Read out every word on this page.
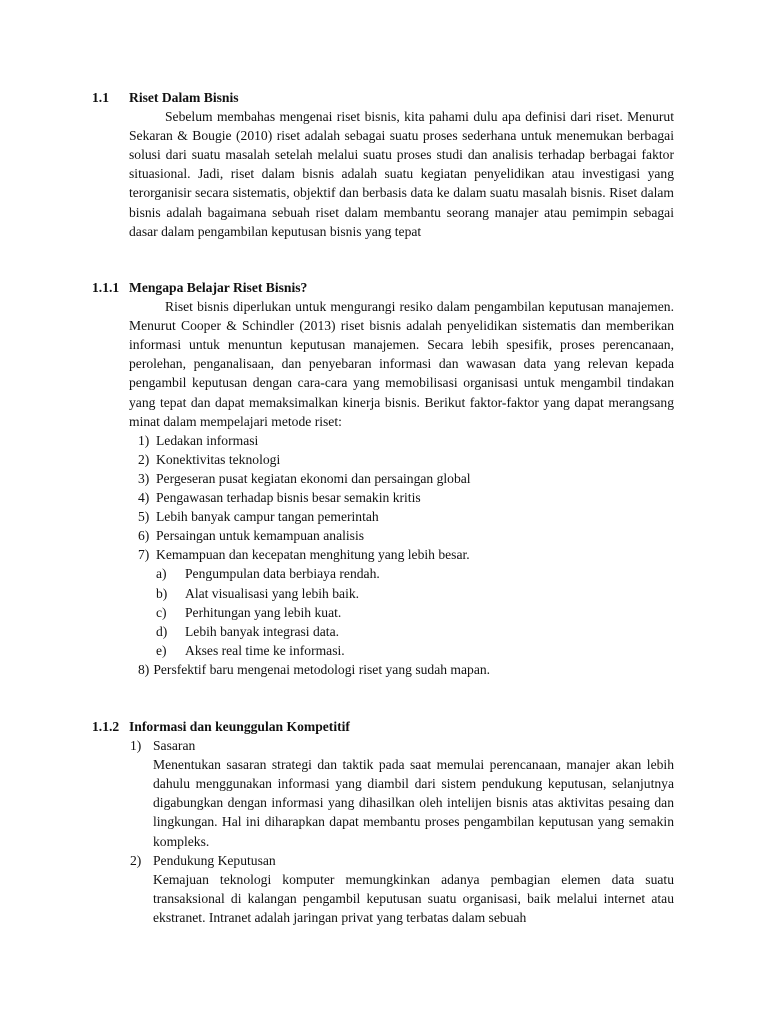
1.1	Riset Dalam Bisnis

Sebelum membahas mengenai riset bisnis, kita pahami dulu apa definisi dari riset. Menurut Sekaran & Bougie (2010) riset adalah sebagai suatu proses sederhana untuk menemukan berbagai solusi dari suatu masalah setelah melalui suatu proses studi dan analisis terhadap berbagai faktor situasional. Jadi, riset dalam bisnis adalah suatu kegiatan penyelidikan atau investigasi yang terorganisir secara sistematis, objektif dan berbasis data ke dalam suatu masalah bisnis. Riset dalam bisnis adalah bagaimana sebuah riset dalam membantu seorang manajer atau pemimpin sebagai dasar dalam pengambilan keputusan bisnis yang tepat

1.1.1 Mengapa Belajar Riset Bisnis?

Riset bisnis diperlukan untuk mengurangi resiko dalam pengambilan keputusan manajemen. Menurut Cooper & Schindler (2013) riset bisnis adalah penyelidikan sistematis dan memberikan informasi untuk menuntun keputusan manajemen. Secara lebih spesifik, proses perencanaan, perolehan, penganalisaan, dan penyebaran informasi dan wawasan data yang relevan kepada pengambil keputusan dengan cara-cara yang memobilisasi organisasi untuk mengambil tindakan yang tepat dan dapat memaksimalkan kinerja bisnis. Berikut faktor-faktor yang dapat merangsang minat dalam mempelajari metode riset:

1) Ledakan informasi
2) Konektivitas teknologi
3) Pergeseran pusat kegiatan ekonomi dan persaingan global
4) Pengawasan terhadap bisnis besar semakin kritis
5) Lebih banyak campur tangan pemerintah
6) Persaingan untuk kemampuan analisis
7) Kemampuan dan kecepatan menghitung yang lebih besar.
a)	Pengumpulan data berbiaya rendah.
b)	Alat visualisasi yang lebih baik.
c)	Perhitungan yang lebih kuat.
d)	Lebih banyak integrasi data.
e)	Akses real time ke informasi.
8) Persfektif baru mengenai metodologi riset yang sudah mapan.
1.1.2 Informasi dan keunggulan Kompetitif
1) Sasaran

Menentukan sasaran strategi dan taktik pada saat memulai perencanaan, manajer akan lebih dahulu menggunakan informasi yang diambil dari sistem pendukung keputusan, selanjutnya digabungkan dengan informasi yang dihasilkan oleh intelijen bisnis atas aktivitas pesaing dan lingkungan. Hal ini diharapkan dapat membantu proses pengambilan keputusan yang semakin kompleks.

2) Pendukung Keputusan

Kemajuan teknologi komputer memungkinkan adanya pembagian elemen data suatu transaksional di kalangan pengambil keputusan suatu organisasi, baik melalui internet atau ekstranet. Intranet adalah jaringan privat yang terbatas dalam sebuah
